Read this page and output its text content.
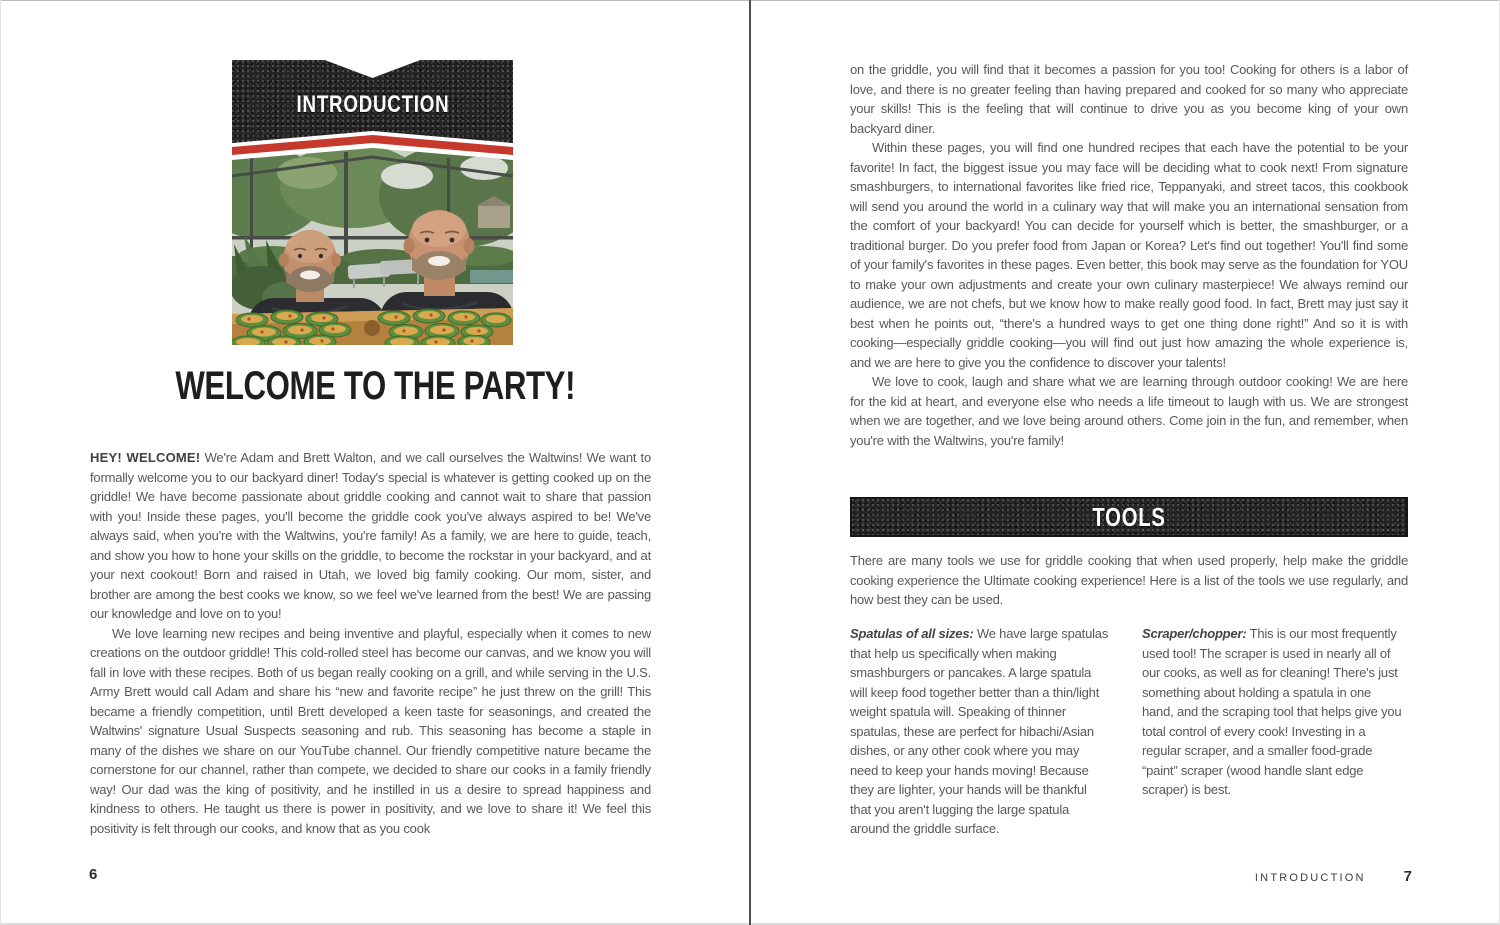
INTRODUCTION
WELCOME TO THE PARTY!

HEY! WELCOME! We're Adam and Brett Walton, and we call ourselves the Waltwins! We want to formally welcome you to our backyard diner! Today's special is whatever is getting cooked up on the griddle! We have become passionate about griddle cooking and cannot wait to share that passion with you! Inside these pages, you'll become the griddle cook you've always aspired to be! We've always said, when you're with the Waltwins, you're family! As a family, we are here to guide, teach, and show you how to hone your skills on the griddle, to become the rockstar in your backyard, and at your next cookout! Born and raised in Utah, we loved big family cooking. Our mom, sister, and brother are among the best cooks we know, so we feel we've learned from the best! We are passing our knowledge and love on to you!

We love learning new recipes and being inventive and playful, especially when it comes to new creations on the outdoor griddle! This cold-rolled steel has become our canvas, and we know you will fall in love with these recipes. Both of us began really cooking on a grill, and while serving in the U.S. Army Brett would call Adam and share his “new and favorite recipe” he just threw on the grill! This became a friendly competition, until Brett developed a keen taste for seasonings, and created the Waltwins' signature Usual Suspects seasoning and rub. This seasoning has become a staple in many of the dishes we share on our YouTube channel. Our friendly competitive nature became the cornerstone for our channel, rather than compete, we decided to share our cooks in a family friendly way! Our dad was the king of positivity, and he instilled in us a desire to spread happiness and kindness to others. He taught us there is power in positivity, and we love to share it! We feel this positivity is felt through our cooks, and know that as you cook

6

on the griddle, you will find that it becomes a passion for you too! Cooking for others is a labor of love, and there is no greater feeling than having prepared and cooked for so many who appreciate your skills! This is the feeling that will continue to drive you as you become king of your own backyard diner.

Within these pages, you will find one hundred recipes that each have the potential to be your favorite! In fact, the biggest issue you may face will be deciding what to cook next! From signature smashburgers, to international favorites like fried rice, Teppanyaki, and street tacos, this cookbook will send you around the world in a culinary way that will make you an international sensation from the comfort of your backyard! You can decide for yourself which is better, the smashburger, or a traditional burger. Do you prefer food from Japan or Korea? Let's find out together! You'll find some of your family's favorites in these pages. Even better, this book may serve as the foundation for YOU to make your own adjustments and create your own culinary masterpiece! We always remind our audience, we are not chefs, but we know how to make really good food. In fact, Brett may just say it best when he points out, “there's a hundred ways to get one thing done right!” And so it is with cooking—especially griddle cooking—you will find out just how amazing the whole experience is, and we are here to give you the confidence to discover your talents!

We love to cook, laugh and share what we are learning through outdoor cooking! We are here for the kid at heart, and everyone else who needs a life timeout to laugh with us. We are strongest when we are together, and we love being around others. Come join in the fun, and remember, when you're with the Waltwins, you're family!

TOOLS

There are many tools we use for griddle cooking that when used properly, help make the griddle cooking experience the Ultimate cooking experience! Here is a list of the tools we use regularly, and how best they can be used.

Spatulas of all sizes: We have large spatulas that help us specifically when making smashburgers or pancakes. A large spatula will keep food together better than a thin/light weight spatula will. Speaking of thinner spatulas, these are perfect for hibachi/Asian dishes, or any other cook where you may need to keep your hands moving! Because they are lighter, your hands will be thankful that you aren't lugging the large spatula around the griddle surface.

Scraper/chopper: This is our most frequently used tool! The scraper is used in nearly all of our cooks, as well as for cleaning! There's just something about holding a spatula in one hand, and the scraping tool that helps give you total control of every cook! Investing in a regular scraper, and a smaller food-grade “paint” scraper (wood handle slant edge scraper) is best.

INTRODUCTION	7
